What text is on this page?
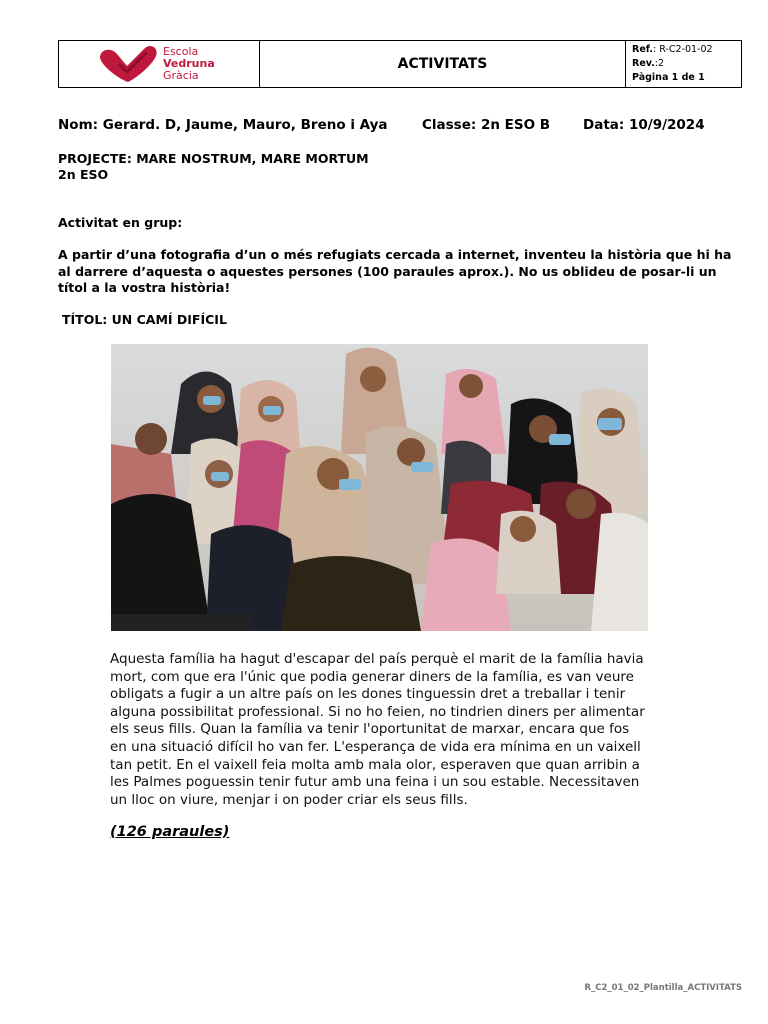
Escola
Vedruna
Gràcia
ACTIVITATS
Ref.: R-C2-01-02
Rev.:2
Pàgina 1 de 1
Nom: Gerard. D, Jaume, Mauro, Breno i Aya	Classe: 2n ESO B Data: 10/9/2024
PROJECTE: MARE NOSTRUM, MARE MORTUM
2n ESO
Activitat en grup:
A partir d’una fotografia d’un o més refugiats cercada a internet, inventeu la història que hi ha al darrere d’aquesta o aquestes persones (100 paraules aprox.). No us oblideu de posar-li un títol a la vostra història!
TÍTOL: UN CAMÍ DIFÍCIL
Aquesta família ha hagut d'escapar del país perquè el marit de la família havia mort, com que era l'únic que podia generar diners de la família, es van veure obligats a fugir a un altre país on les dones tinguessin dret a treballar i tenir alguna possibilitat professional. Si no ho feien, no tindrien diners per alimentar els seus fills. Quan la família va tenir l'oportunitat de marxar, encara que fos en una situació difícil ho van fer. L'esperança de vida era mínima en un vaixell tan petit. En el vaixell feia molta amb mala olor, esperaven que quan arribin a les Palmes poguessin tenir futur amb una feina i un sou estable. Necessitaven un lloc on viure, menjar i on poder criar els seus fills.
(126 paraules)
R_C2_01_02_Plantilla_ACTIVITATS
